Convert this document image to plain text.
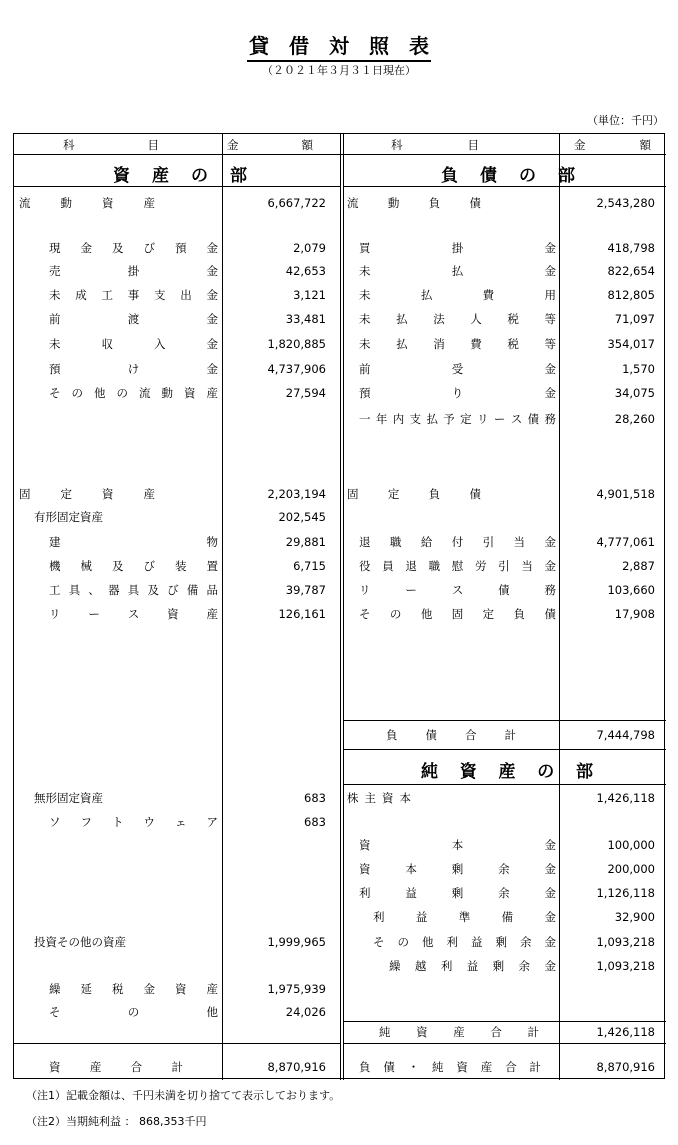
貸　借　対　照　表
（２０２１年３月３１日現在）
（単位：千円）
科	目	金	額	科	目	金	額
資 産 の 部	負 債 の 部
純 資 産 の 部
流	動	資	産	6,667,722
現 金 及 び 預 金	2,079
売	掛	金	42,653
未 成 工 事 支 出 金	3,121
前	渡	金	33,481
未	収	入	金	1,820,885
預	け	金	4,737,906
そ の 他 の 流 動 資 産	27,594
固	定	資	産	2,203,194
有形固定資産	202,545
建	物	29,881
機 械 及 び 装 置	6,715
工 具 、 器 具 及 び 備 品	39,787
リ ー ス 資 産	126,161
無形固定資産	683
ソ フ ト ウ ェ ア	683
投資その他の資産	1,999,965
繰 延 税 金 資 産	1,975,939
そ	の	他	24,026
流	動	負	債	2,543,280
買	掛	金	418,798
未	払	金	822,654
未	払	費	用	812,805
未 払 法 人 税 等	71,097
未 払 消 費 税 等	354,017
前	受	金	1,570
預	り	金	34,075
一 年 内 支 払 予 定 リ ー ス 債 務	28,260
固	定	負	債	4,901,518
退 職 給 付 引 当 金	4,777,061
役 員 退 職 慰 労 引 当 金	2,887
リ	ー	ス	債	務	103,660
そ の 他 固 定 負 債	17,908
負 債 合 計	7,444,798
株 主 資 本	1,426,118
資	本	金	100,000
資	本	剰	余	金	200,000
利	益	剰	余	金	1,126,118
利	益	準	備	金	32,900
そ の 他 利 益 剰 余 金	1,093,218
繰 越 利 益 剰 余 金	1,093,218
純 資 産 合 計	1,426,118
資	産	合	計	8,870,916	負 債 ・ 純 資 産 合 計	8,870,916
（注1）記載金額は、千円未満を切り捨てて表示しております。
（注2）当期純利益 ： 868,353千円
